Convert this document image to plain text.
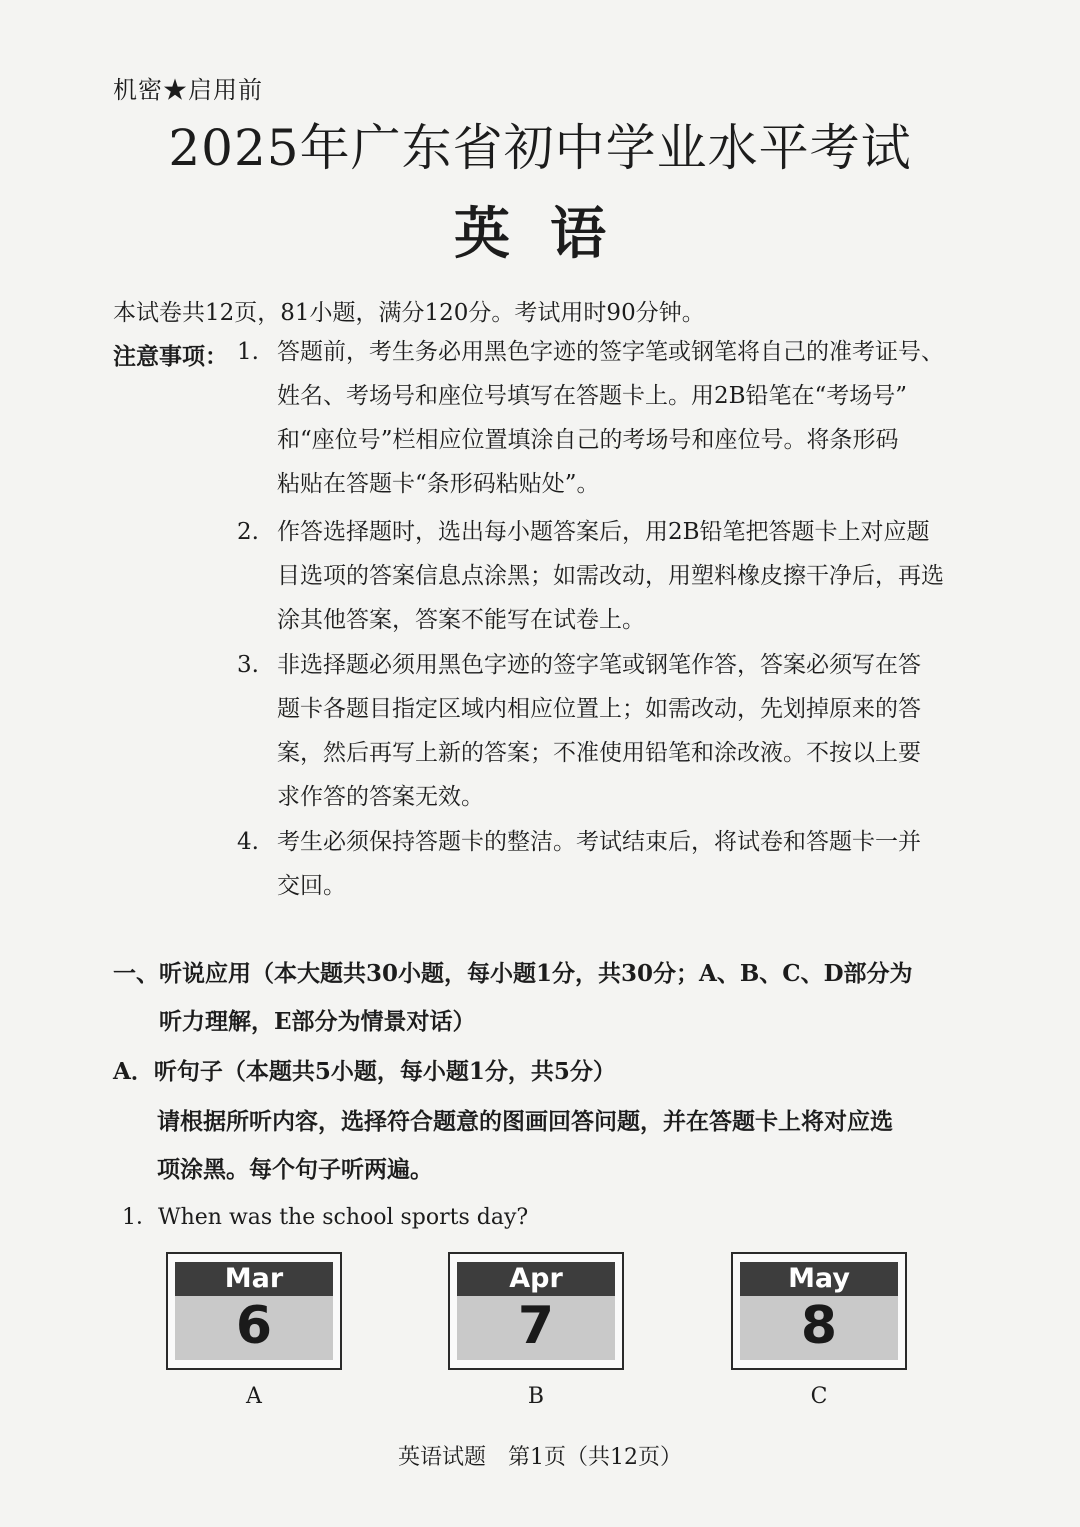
机密★启用前
2025年广东省初中学业水平考试
英语
本试卷共12页，81小题，满分120分。考试用时90分钟。
注意事项： 1. 答题前，考生务必用黑色字迹的签字笔或钢笔将自己的准考证号、
姓名、考场号和座位号填写在答题卡上。用2B铅笔在“考场号”
和“座位号”栏相应位置填涂自己的考场号和座位号。将条形码
粘贴在答题卡“条形码粘贴处”。
2. 作答选择题时，选出每小题答案后，用2B铅笔把答题卡上对应题
目选项的答案信息点涂黑；如需改动，用塑料橡皮擦干净后，再选
涂其他答案，答案不能写在试卷上。
3. 非选择题必须用黑色字迹的签字笔或钢笔作答，答案必须写在答
题卡各题目指定区域内相应位置上；如需改动，先划掉原来的答
案，然后再写上新的答案；不准使用铅笔和涂改液。不按以上要
求作答的答案无效。
4. 考生必须保持答题卡的整洁。考试结束后，将试卷和答题卡一并
交回。
一、听说应用（本大题共30小题，每小题1分，共30分；A、B、C、D部分为
　　听力理解，E部分为情景对话）
A．听句子（本题共5小题，每小题1分，共5分）
请根据所听内容，选择符合题意的图画回答问题，并在答题卡上将对应选
项涂黑。每个句子听两遍。
1．When was the school sports day?
Mar
6
Apr
7
May
8
A	B	C
英语试题　第1页（共12页）
